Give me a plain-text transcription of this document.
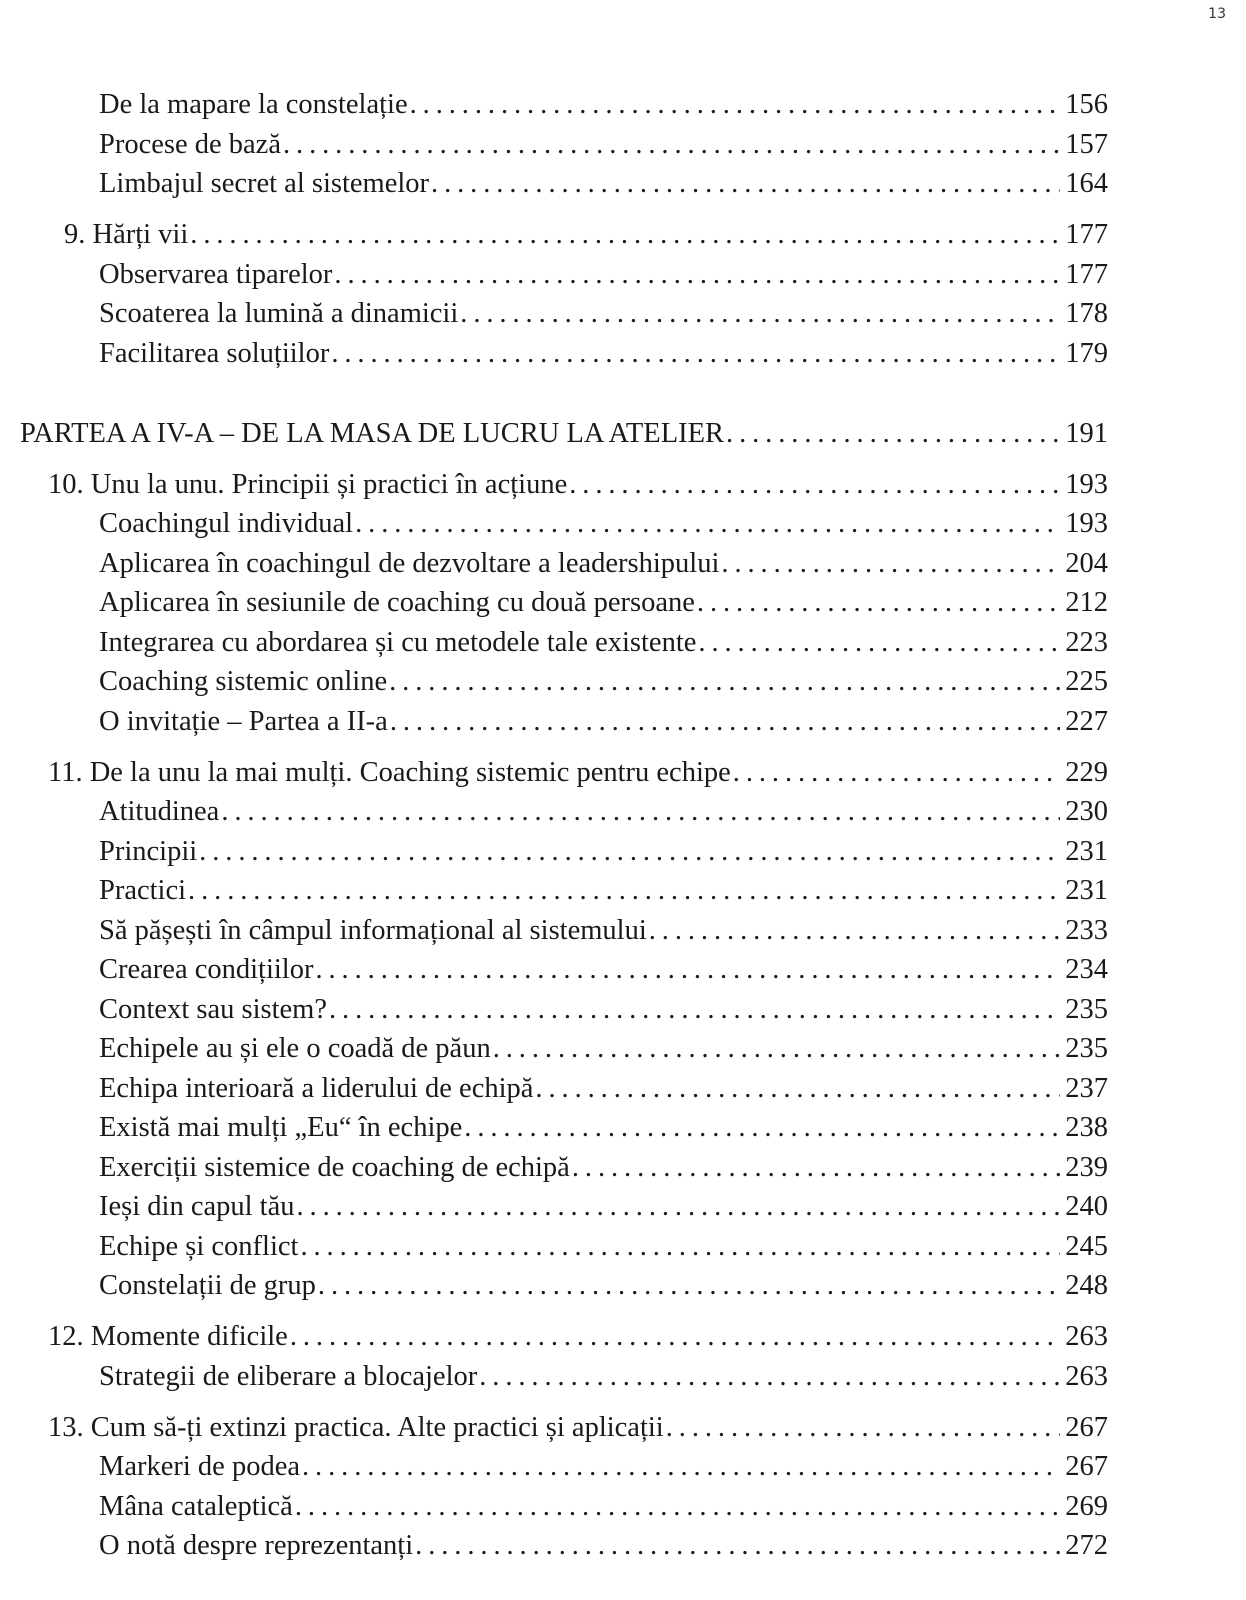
13
De la mapare la constelație . . .	156
Procese de bază . . .	157
Limbajul secret al sistemelor . . .	164
9. Hărți vii . . .	177
Observarea tiparelor . . .	177
Scoaterea la lumină a dinamicii . . .	178
Facilitarea soluțiilor . . .	179
PARTEA A IV-A – DE LA MASA DE LUCRU LA ATELIER . . .	191
10. Unu la unu. Principii și practici în acțiune . . .	193
Coachingul individual . . .	193
Aplicarea în coachingul de dezvoltare a leadershipului . . .	204
Aplicarea în sesiunile de coaching cu două persoane . . .	212
Integrarea cu abordarea și cu metodele tale existente . . .	223
Coaching sistemic online . . .	225
O invitație – Partea a II-a . . .	227
11. De la unu la mai mulți. Coaching sistemic pentru echipe . . .	229
Atitudinea . . .	230
Principii . . .	231
Practici . . .	231
Să pășești în câmpul informațional al sistemului . . .	233
Crearea condițiilor . . .	234
Context sau sistem? . . .	235
Echipele au și ele o coadă de păun . . .	235
Echipa interioară a liderului de echipă . . .	237
Există mai mulți „Eu“ în echipe . . .	238
Exerciții sistemice de coaching de echipă . . .	239
Ieși din capul tău . . .	240
Echipe și conflict . . .	245
Constelații de grup . . .	248
12. Momente dificile . . .	263
Strategii de eliberare a blocajelor . . .	263
13. Cum să-ți extinzi practica. Alte practici și aplicații . . .	267
Markeri de podea . . .	267
Mâna cataleptică . . .	269
O notă despre reprezentanți . . .	272
